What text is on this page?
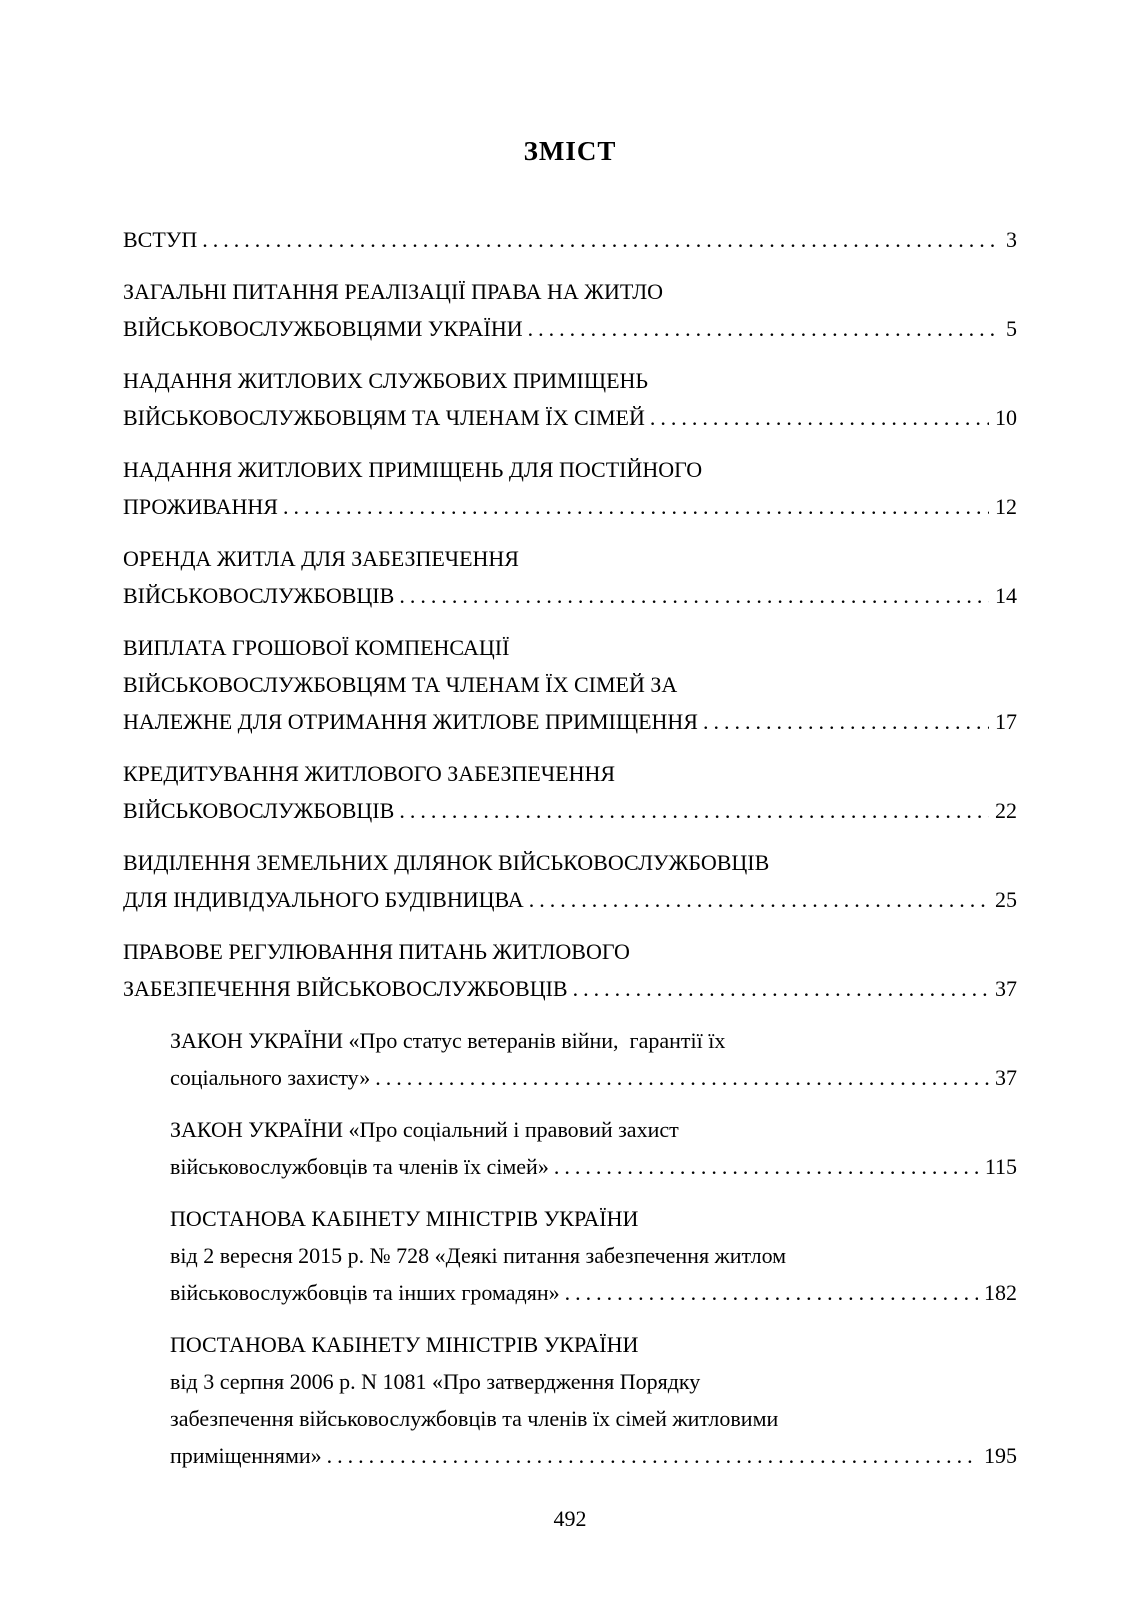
ЗМІСТ
ВСТУП .....	3
ЗАГАЛЬНІ ПИТАННЯ РЕАЛІЗАЦІЇ ПРАВА НА ЖИТЛО
ВІЙСЬКОВОСЛУЖБОВЦЯМИ УКРАЇНИ .....	5
НАДАННЯ ЖИТЛОВИХ СЛУЖБОВИХ ПРИМІЩЕНЬ
ВІЙСЬКОВОСЛУЖБОВЦЯМ ТА ЧЛЕНАМ ЇХ СІМЕЙ .....	10
НАДАННЯ ЖИТЛОВИХ ПРИМІЩЕНЬ ДЛЯ ПОСТІЙНОГО
ПРОЖИВАННЯ .....	12
ОРЕНДА ЖИТЛА ДЛЯ ЗАБЕЗПЕЧЕННЯ
ВІЙСЬКОВОСЛУЖБОВЦІВ .....	14
ВИПЛАТА ГРОШОВОЇ КОМПЕНСАЦІЇ
ВІЙСЬКОВОСЛУЖБОВЦЯМ ТА ЧЛЕНАМ ЇХ СІМЕЙ ЗА
НАЛЕЖНЕ ДЛЯ ОТРИМАННЯ ЖИТЛОВЕ ПРИМІЩЕННЯ .....	17
КРЕДИТУВАННЯ ЖИТЛОВОГО ЗАБЕЗПЕЧЕННЯ
ВІЙСЬКОВОСЛУЖБОВЦІВ .....	22
ВИДІЛЕННЯ ЗЕМЕЛЬНИХ ДІЛЯНОК ВІЙСЬКОВОСЛУЖБОВЦІВ
ДЛЯ ІНДИВІДУАЛЬНОГО БУДІВНИЦВА .....	25
ПРАВОВЕ РЕГУЛЮВАННЯ ПИТАНЬ ЖИТЛОВОГО
ЗАБЕЗПЕЧЕННЯ ВІЙСЬКОВОСЛУЖБОВЦІВ .....	37
ЗАКОН УКРАЇНИ «Про статус ветеранів війни,  гарантії їх
соціального захисту» .....	37
ЗАКОН УКРАЇНИ «Про соціальний і правовий захист
військовослужбовців та членів їх сімей» .....	115
ПОСТАНОВА КАБІНЕТУ МІНІСТРІВ УКРАЇНИ
від 2 вересня 2015 р. № 728 «Деякі питання забезпечення житлом
військовослужбовців та інших громадян» .....	182
ПОСТАНОВА КАБІНЕТУ МІНІСТРІВ УКРАЇНИ
від 3 серпня 2006 р. N 1081 «Про затвердження Порядку
забезпечення військовослужбовців та членів їх сімей житловими
приміщеннями» .....	195
492
